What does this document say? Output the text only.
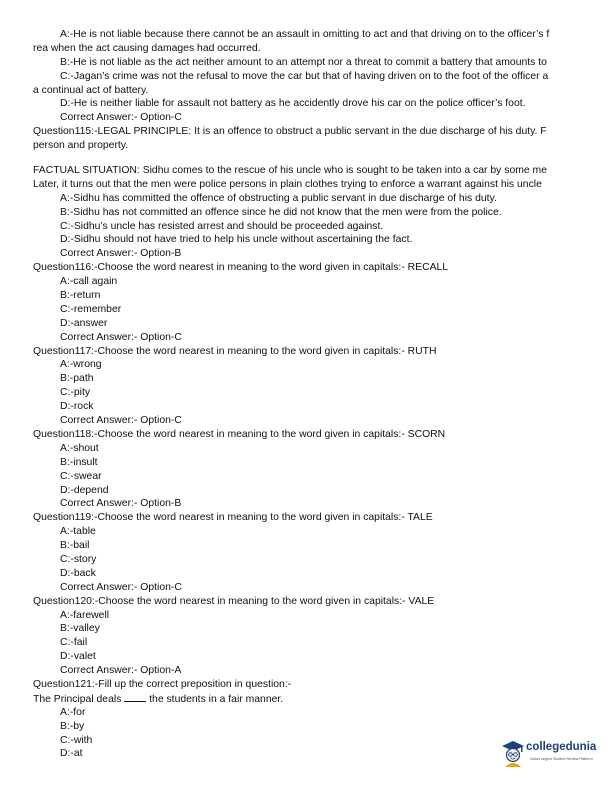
A:-He is not liable because there cannot be an assault in omitting to act and that driving on to the officer’s f
rea when the act causing damages had occurred.
B:-He is not liable as the act neither amount to an attempt nor a threat to commit a battery that amounts to
C:-Jagan’s crime was not the refusal to move the car but that of having driven on to the foot of the officer a
a continual act of battery.
D:-He is neither liable for assault not battery as he accidently drove his car on the police officer’s foot.
Correct Answer:- Option-C
Question115:-LEGAL PRINCIPLE: It is an offence to obstruct a public servant in the due discharge of his duty. F
person and property.
FACTUAL SITUATION: Sidhu comes to the rescue of his uncle who is sought to be taken into a car by some me
Later, it turns out that the men were police persons in plain clothes trying to enforce a warrant against his uncle
A:-Sidhu has committed the offence of obstructing a public servant in due discharge of his duty.
B:-Sidhu has not committed an offence since he did not know that the men were from the police.
C:-Sidhu’s uncle has resisted arrest and should be proceeded against.
D:-Sidhu should not have tried to help his uncle without ascertaining the fact.
Correct Answer:- Option-B
Question116:-Choose the word nearest in meaning to the word given in capitals:- RECALL
A:-call again
B:-return
C:-remember
D:-answer
Correct Answer:- Option-C
Question117:-Choose the word nearest in meaning to the word given in capitals:- RUTH
A:-wrong
B:-path
C:-pity
D:-rock
Correct Answer:- Option-C
Question118:-Choose the word nearest in meaning to the word given in capitals:- SCORN
A:-shout
B:-insult
C:-swear
D:-depend
Correct Answer:- Option-B
Question119:-Choose the word nearest in meaning to the word given in capitals:- TALE
A:-table
B:-bail
C:-story
D:-back
Correct Answer:- Option-C
Question120:-Choose the word nearest in meaning to the word given in capitals:- VALE
A:-farewell
B:-valley
C:-fail
D:-valet
Correct Answer:- Option-A
Question121:-Fill up the correct preposition in question:-
The Principal deals	the students in a fair manner.
A:-for
B:-by
C:-with
D:-at
collegedunia
India's largest Student Review Platform
